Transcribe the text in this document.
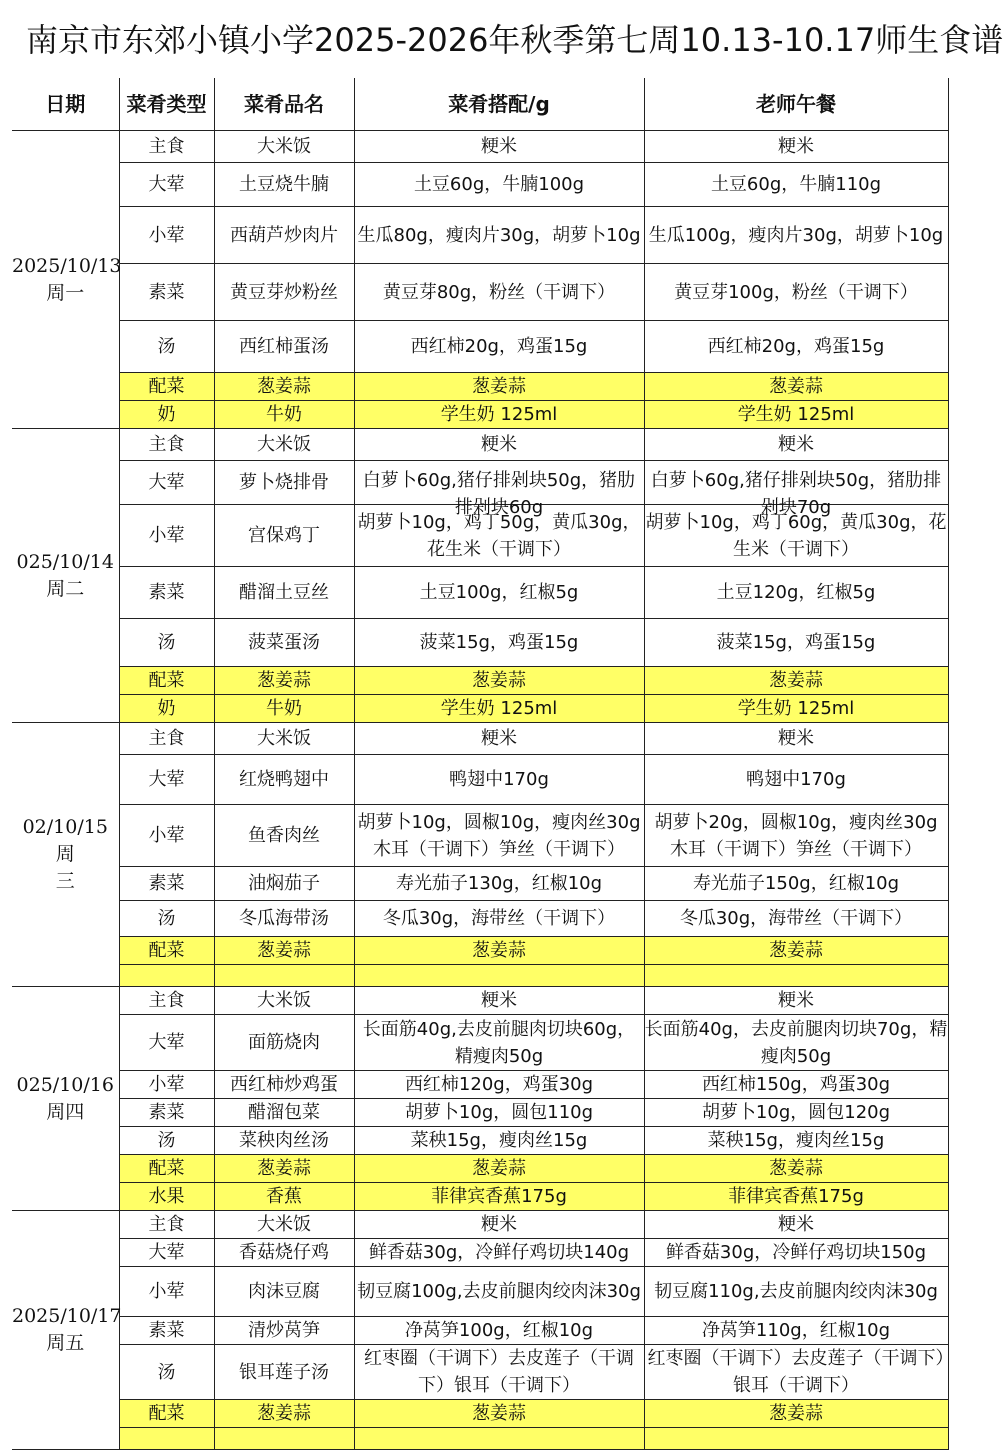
南京市东郊小镇小学2025-2026年秋季第七周10.13-10.17师生食谱
日期	菜肴类型	菜肴品名	菜肴搭配/g	老师午餐
2025/10/13
周一	主食	大米饭	粳米	粳米
	大荤	土豆烧牛腩	土豆60g，牛腩100g	土豆60g，牛腩110g
	小荤	西葫芦炒肉片	生瓜80g，瘦肉片30g，胡萝卜10g	生瓜100g，瘦肉片30g，胡萝卜10g
	素菜	黄豆芽炒粉丝	黄豆芽80g，粉丝（干调下）	黄豆芽100g，粉丝（干调下）
	汤	西红柿蛋汤	西红柿20g，鸡蛋15g	西红柿20g，鸡蛋15g
	配菜	葱姜蒜	葱姜蒜	葱姜蒜
	奶	牛奶	学生奶 125ml	学生奶 125ml
025/10/14
周二	主食	大米饭	粳米	粳米
	大荤	萝卜烧排骨	白萝卜60g,猪仔排剁块50g，猪肋排剁块60g	白萝卜60g,猪仔排剁块50g，猪肋排剁块70g

	小荤	宫保鸡丁	胡萝卜10g，鸡丁50g，黄瓜30g，花生米（干调下）	胡萝卜10g，鸡丁60g，黄瓜30g，花生米（干调下）
	素菜	醋溜土豆丝	土豆100g，红椒5g	土豆120g，红椒5g
	汤	菠菜蛋汤	菠菜15g，鸡蛋15g	菠菜15g，鸡蛋15g
	配菜	葱姜蒜	葱姜蒜	葱姜蒜
	奶	牛奶	学生奶 125ml	学生奶 125ml
02/10/15 周
三	主食	大米饭	粳米	粳米
	大荤	红烧鸭翅中	鸭翅中170g	鸭翅中170g
	小荤	鱼香肉丝	胡萝卜10g，圆椒10g，瘦肉丝30g 木耳（干调下）笋丝（干调下）	胡萝卜20g，圆椒10g，瘦肉丝30g 木耳（干调下）笋丝（干调下）
	素菜	油焖茄子	寿光茄子130g，红椒10g	寿光茄子150g，红椒10g
	汤	冬瓜海带汤	冬瓜30g，海带丝（干调下）	冬瓜30g，海带丝（干调下）
	配菜	葱姜蒜	葱姜蒜	葱姜蒜

025/10/16
周四	主食	大米饭	粳米	粳米
	大荤	面筋烧肉	长面筋40g,去皮前腿肉切块60g，精瘦肉50g	长面筋40g，去皮前腿肉切块70g，精瘦肉50g
	小荤	西红柿炒鸡蛋	西红柿120g，鸡蛋30g	西红柿150g，鸡蛋30g
	素菜	醋溜包菜	胡萝卜10g，圆包110g	胡萝卜10g，圆包120g
	汤	菜秧肉丝汤	菜秧15g，瘦肉丝15g	菜秧15g，瘦肉丝15g
	配菜	葱姜蒜	葱姜蒜	葱姜蒜
	水果	香蕉	菲律宾香蕉175g	菲律宾香蕉175g
2025/10/17
周五	主食	大米饭	粳米	粳米
	大荤	香菇烧仔鸡	鲜香菇30g，冷鲜仔鸡切块140g	鲜香菇30g，冷鲜仔鸡切块150g
	小荤	肉沫豆腐	韧豆腐100g,去皮前腿肉绞肉沫30g	韧豆腐110g,去皮前腿肉绞肉沫30g
	素菜	清炒莴笋	净莴笋100g，红椒10g	净莴笋110g，红椒10g
	汤	银耳莲子汤	红枣圈（干调下）去皮莲子（干调下）银耳（干调下）	红枣圈（干调下）去皮莲子（干调下）银耳（干调下）
	配菜	葱姜蒜	葱姜蒜	葱姜蒜
